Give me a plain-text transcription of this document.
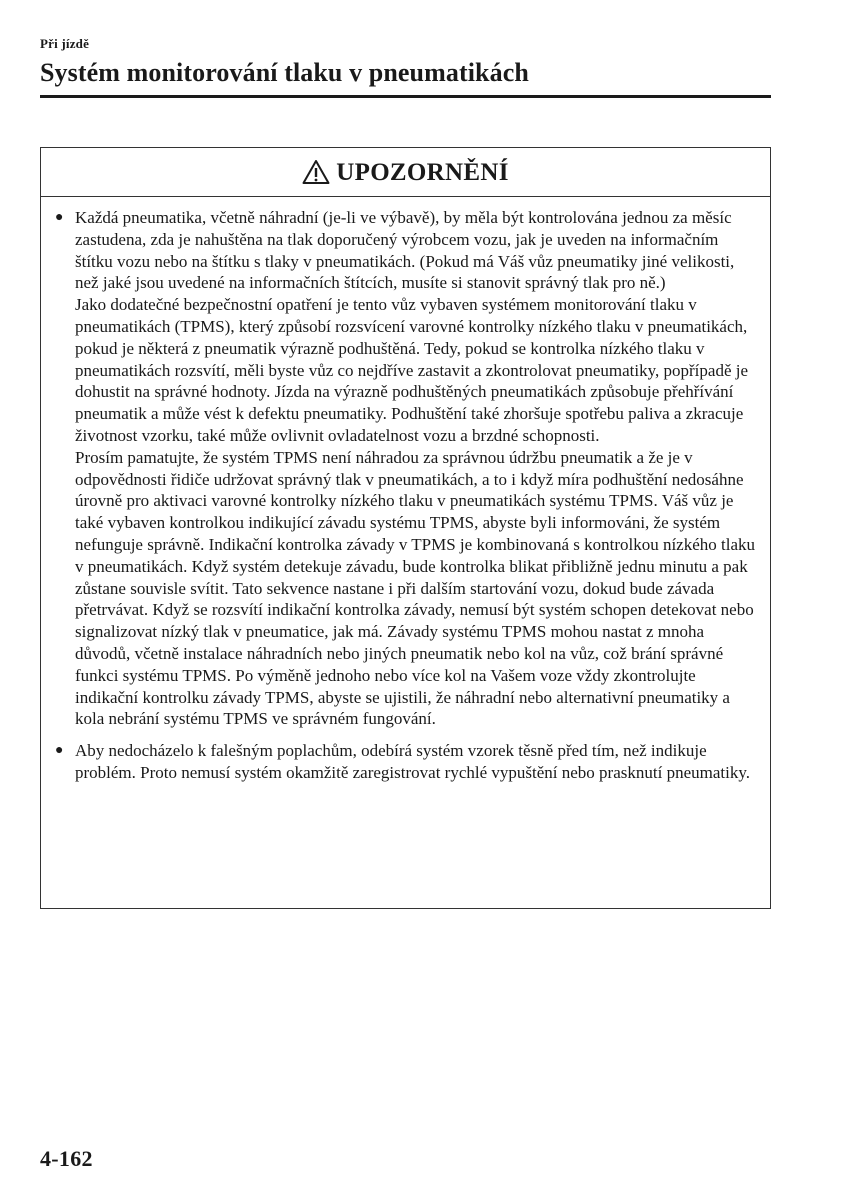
Při jízdě
Systém monitorování tlaku v pneumatikách
UPOZORNĚNÍ
● Každá pneumatika, včetně náhradní (je-li ve výbavě), by měla být kontrolována jednou za měsíc zastudena, zda je nahuštěna na tlak doporučený výrobcem vozu, jak je uveden na informačním štítku vozu nebo na štítku s tlaky v pneumatikách. (Pokud má Váš vůz pneumatiky jiné velikosti, než jaké jsou uvedené na informačních štítcích, musíte si stanovit správný tlak pro ně.)

Jako dodatečné bezpečnostní opatření je tento vůz vybaven systémem monitorování tlaku v pneumatikách (TPMS), který způsobí rozsvícení varovné kontrolky nízkého tlaku v pneumatikách, pokud je některá z pneumatik výrazně podhuštěná. Tedy, pokud se kontrolka nízkého tlaku v pneumatikách rozsvítí, měli byste vůz co nejdříve zastavit a zkontrolovat pneumatiky, popřípadě je dohustit na správné hodnoty. Jízda na výrazně podhuštěných pneumatikách způsobuje přehřívání pneumatik a může vést k defektu pneumatiky. Podhuštění také zhoršuje spotřebu paliva a zkracuje životnost vzorku, také může ovlivnit ovladatelnost vozu a brzdné schopnosti.

Prosím pamatujte, že systém TPMS není náhradou za správnou údržbu pneumatik a že je v odpovědnosti řidiče udržovat správný tlak v pneumatikách, a to i když míra podhuštění nedosáhne úrovně pro aktivaci varovné kontrolky nízkého tlaku v pneumatikách systému TPMS. Váš vůz je také vybaven kontrolkou indikující závadu systému TPMS, abyste byli informováni, že systém nefunguje správně. Indikační kontrolka závady v TPMS je kombinovaná s kontrolkou nízkého tlaku v pneumatikách. Když systém detekuje závadu, bude kontrolka blikat přibližně jednu minutu a pak zůstane souvisle svítit. Tato sekvence nastane i při dalším startování vozu, dokud bude závada přetrvávat. Když se rozsvítí indikační kontrolka závady, nemusí být systém schopen detekovat nebo signalizovat nízký tlak v pneumatice, jak má. Závady systému TPMS mohou nastat z mnoha důvodů, včetně instalace náhradních nebo jiných pneumatik nebo kol na vůz, což brání správné funkci systému TPMS. Po výměně jednoho nebo více kol na Vašem voze vždy zkontrolujte indikační kontrolku závady TPMS, abyste se ujistili, že náhradní nebo alternativní pneumatiky a kola nebrání systému TPMS ve správném fungování.

● Aby nedocházelo k falešným poplachům, odebírá systém vzorek těsně před tím, než indikuje problém. Proto nemusí systém okamžitě zaregistrovat rychlé vypuštění nebo prasknutí pneumatiky.

4-162
